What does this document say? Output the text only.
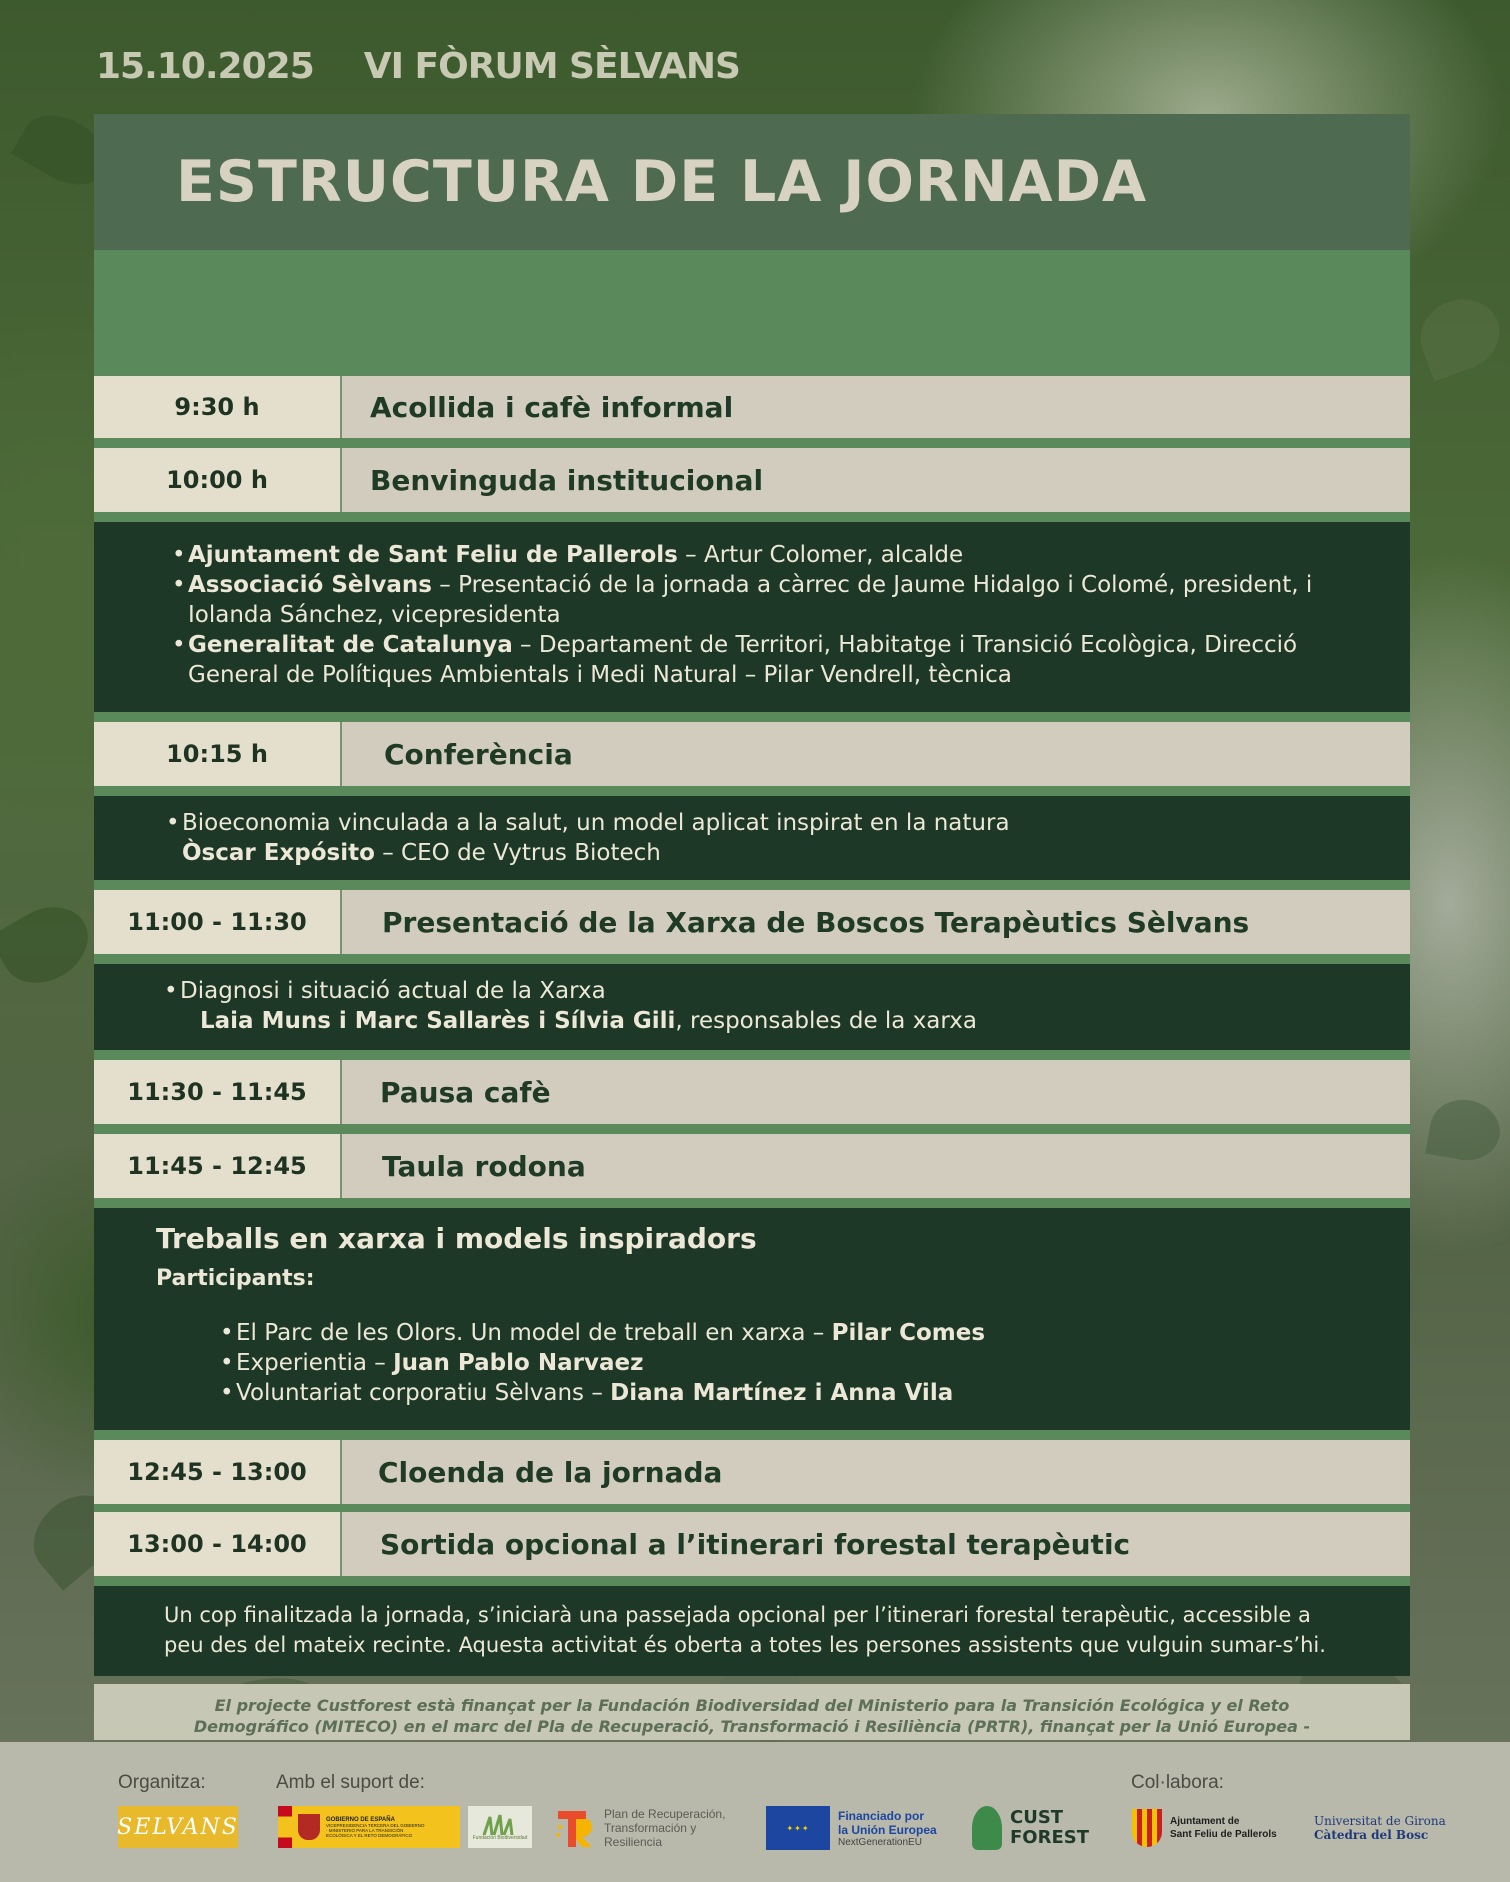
15.10.2025 VI FÒRUM SÈLVANS
ESTRUCTURA DE LA JORNADA
9:30 h	Acollida i cafè informal
10:00 h	Benvinguda institucional
• Ajuntament de Sant Feliu de Pallerols – Artur Colomer, alcalde
• Associació Sèlvans – Presentació de la jornada a càrrec de Jaume Hidalgo i Colomé, president, i Iolanda Sánchez, vicepresidenta
• Generalitat de Catalunya – Departament de Territori, Habitatge i Transició Ecològica, Direcció General de Polítiques Ambientals i Medi Natural – Pilar Vendrell, tècnica
10:15 h	Conferència
• Bioeconomia vinculada a la salut, un model aplicat inspirat en la natura
Òscar Expósito – CEO de Vytrus Biotech
11:00 - 11:30	Presentació de la Xarxa de Boscos Terapèutics Sèlvans
• Diagnosi i situació actual de la Xarxa
Laia Muns i Marc Sallarès i Sílvia Gili, responsables de la xarxa
11:30 - 11:45	Pausa cafè
11:45 - 12:45	Taula rodona
Treballs en xarxa i models inspiradors
Participants:
• El Parc de les Olors. Un model de treball en xarxa – Pilar Comes
• Experientia – Juan Pablo Narvaez
• Voluntariat corporatiu Sèlvans – Diana Martínez i Anna Vila
12:45 - 13:00	Cloenda de la jornada
13:00 - 14:00	Sortida opcional a l’itinerari forestal terapèutic
Un cop finalitzada la jornada, s’iniciarà una passejada opcional per l’itinerari forestal terapèutic, accessible a peu des del mateix recinte. Aquesta activitat és oberta a totes les persones assistents que vulguin sumar-s’hi.
El projecte Custforest està finançat per la Fundación Biodiversidad del Ministerio para la Transición Ecológica y el Reto Demográfico (MITECO) en el marc del Pla de Recuperació, Transformació i Resiliència (PRTR), finançat per la Unió Europea -
Organitza:	Amb el suport de:	Col·labora:
SELVANS	GOBIERNO DE ESPAÑA
VICEPRESIDENCIA TERCERA DEL GOBIERNO · MINISTERIO PARA LA TRANSICIÓN ECOLÓGICA Y EL RETO DEMOGRÁFICO	Fundación Biodiversidad
Plan de Recuperación, Transformación y Resiliencia
✦✦✦
Financiado por
la Unión Europea
NextGenerationEU
CUST
FOREST
Ajuntament de
Sant Feliu de Pallerols
Universitat de Girona
Càtedra del Bosc
